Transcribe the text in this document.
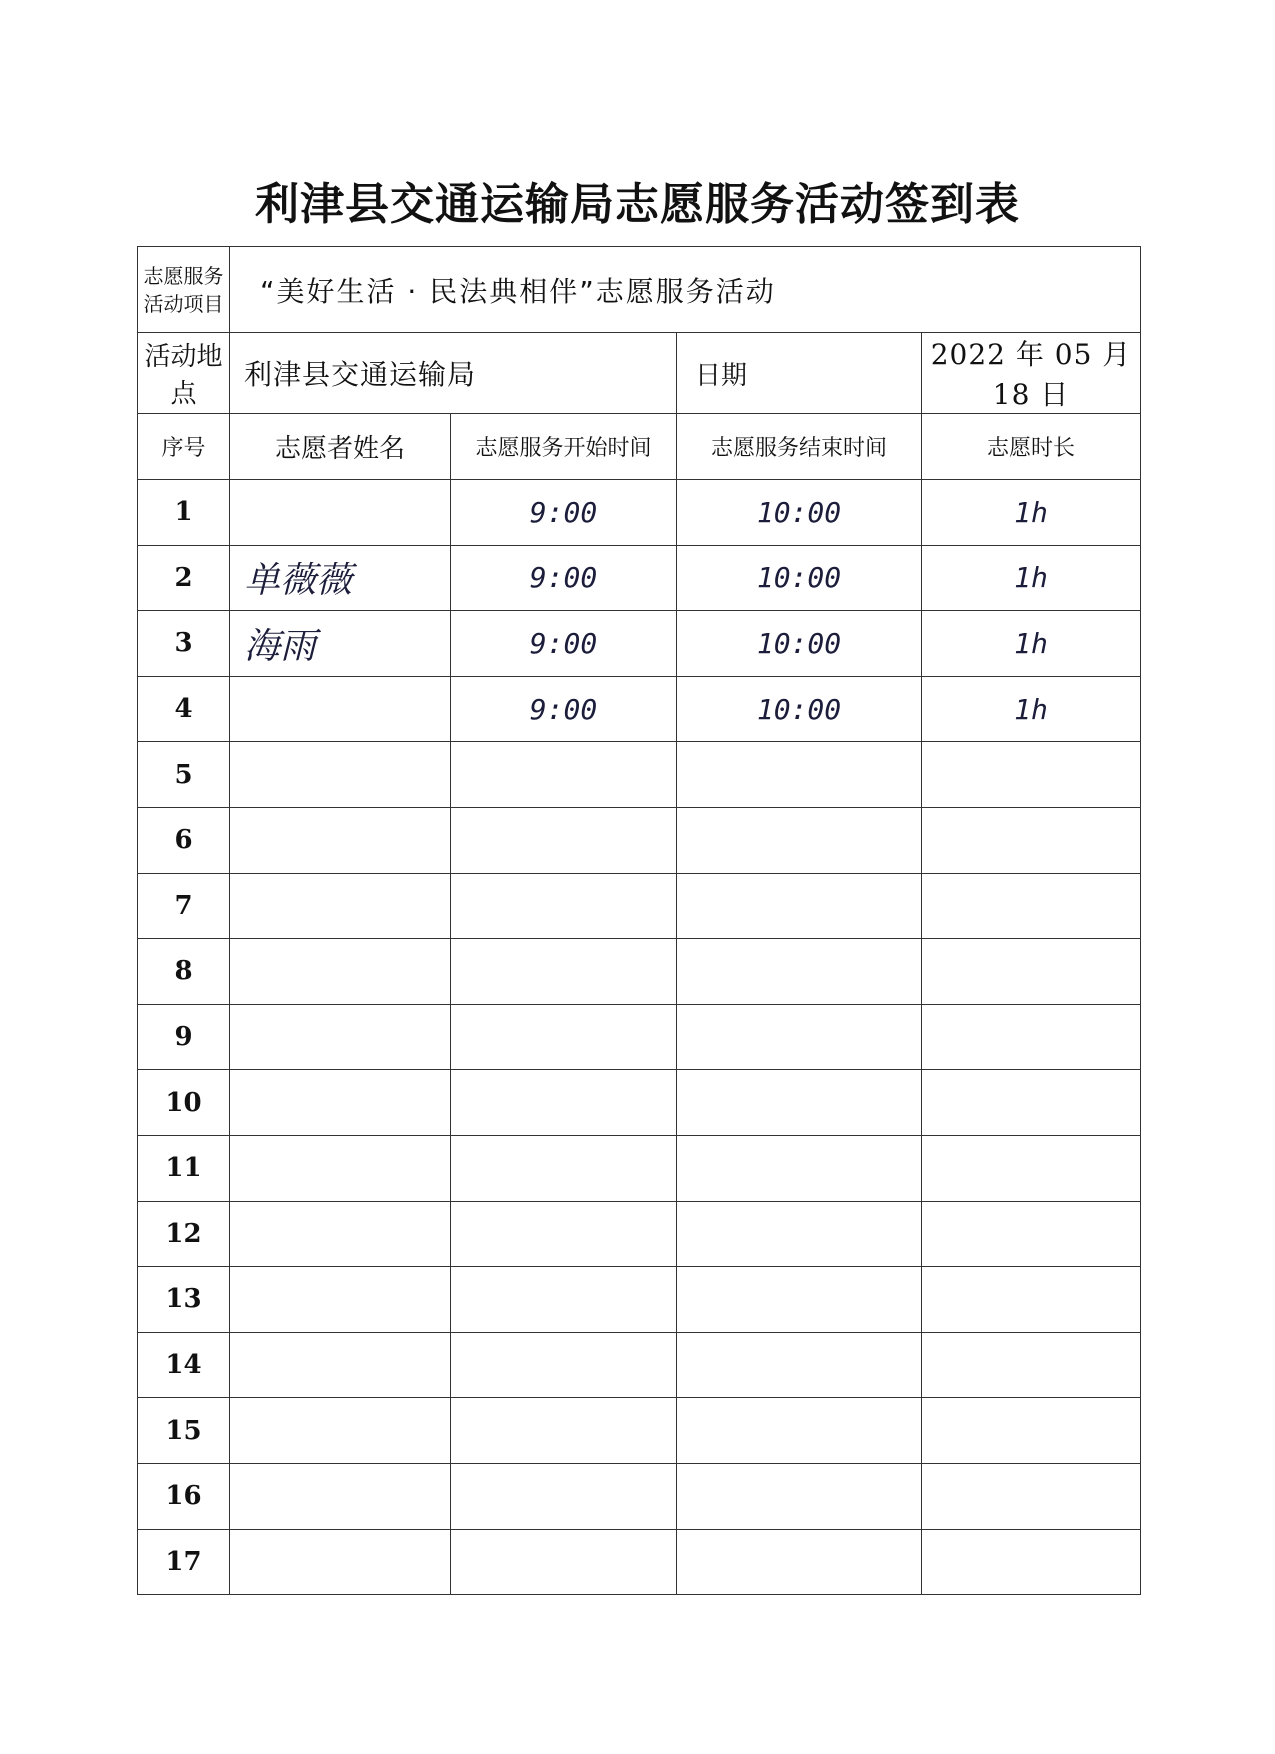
利津县交通运输局志愿服务活动签到表
志愿服务活动项目	“美好生活 · 民法典相伴”志愿服务活动			
活动地点	利津县交通运输局		日期	2022 年 05 月 18 日
序号	志愿者姓名	志愿服务开始时间	志愿服务结束时间	志愿时长
1		9:00	10:00	1h
2	单薇薇	9:00	10:00	1h
3	海雨	9:00	10:00	1h
4		9:00	10:00	1h
5				
6				
7				
8				
9				
10				
11				
12				
13				
14				
15				
16				
17				
